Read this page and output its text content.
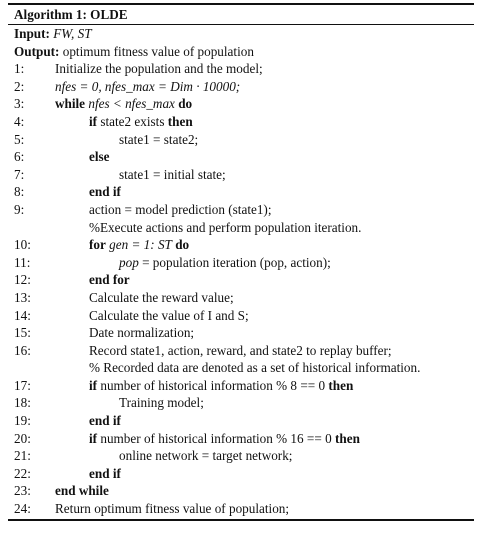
Algorithm 1: OLDE
Input: FW, ST
Output: optimum fitness value of population
1: Initialize the population and the model;
2: nfes = 0, nfes_max = Dim · 10000;
3: while nfes < nfes_max do
4:	if state2 exists then
5:	state1 = state2;
6:	else
7:	state1 = initial state;
8:	end if
9:	action = model prediction (state1);
%Execute actions and perform population iteration.
10:	for gen = 1: ST do
11:	pop = population iteration (pop, action);
12:	end for
13:	Calculate the reward value;
14:	Calculate the value of I and S;
15:	Date normalization;
16:	Record state1, action, reward, and state2 to replay buffer;
% Recorded data are denoted as a set of historical information.
17:	if number of historical information % 8 == 0 then
18:	Training model;
19:	end if
20:	if number of historical information % 16 == 0 then
21:	online network = target network;
22:	end if
23: end while
24: Return optimum fitness value of population;
